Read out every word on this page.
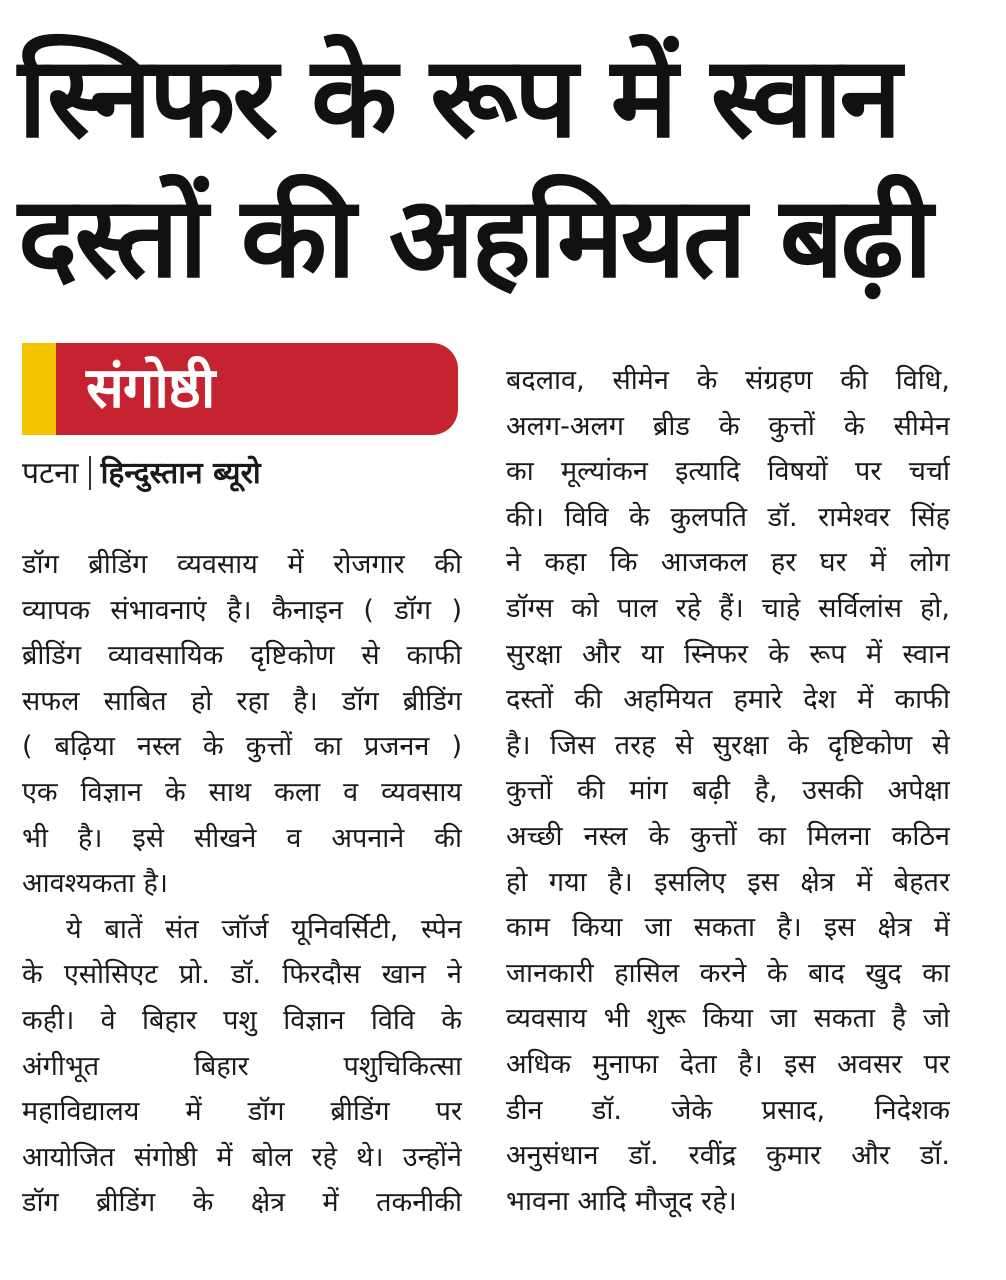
स्निफर के रूप में स्वान
दस्तों की अहमियत बढ़ी
संगोष्ठी
पटना हिन्दुस्तान ब्यूरो
डॉग ब्रीडिंग व्यवसाय में रोजगार की
व्यापक संभावनाएं है। कैनाइन ( डॉग )
ब्रीडिंग व्यावसायिक दृष्टिकोण से काफी
सफल साबित हो रहा है। डॉग ब्रीडिंग
( बढ़िया नस्ल के कुत्तों का प्रजनन )
एक विज्ञान के साथ कला व व्यवसाय
भी है। इसे सीखने व अपनाने की
आवश्यकता है।
ये बातें संत जॉर्ज यूनिवर्सिटी, स्पेन
के एसोसिएट प्रो. डॉ. फिरदौस खान ने
कही। वे बिहार पशु विज्ञान विवि के
अंगीभूत बिहार पशुचिकित्सा
महाविद्यालय में डॉग ब्रीडिंग पर
आयोजित संगोष्ठी में बोल रहे थे। उन्होंने
डॉग ब्रीडिंग के क्षेत्र में तकनीकी
बदलाव, सीमेन के संग्रहण की विधि,
अलग-अलग ब्रीड के कुत्तों के सीमेन
का मूल्यांकन इत्यादि विषयों पर चर्चा
की। विवि के कुलपति डॉ. रामेश्वर सिंह
ने कहा कि आजकल हर घर में लोग
डॉग्स को पाल रहे हैं। चाहे सर्विलांस हो,
सुरक्षा और या स्निफर के रूप में स्वान
दस्तों की अहमियत हमारे देश में काफी
है। जिस तरह से सुरक्षा के दृष्टिकोण से
कुत्तों की मांग बढ़ी है, उसकी अपेक्षा
अच्छी नस्ल के कुत्तों का मिलना कठिन
हो गया है। इसलिए इस क्षेत्र में बेहतर
काम किया जा सकता है। इस क्षेत्र में
जानकारी हासिल करने के बाद खुद का
व्यवसाय भी शुरू किया जा सकता है जो
अधिक मुनाफा देता है। इस अवसर पर
डीन डॉ. जेके प्रसाद, निदेशक
अनुसंधान डॉ. रवींद्र कुमार और डॉ.
भावना आदि मौजूद रहे।
